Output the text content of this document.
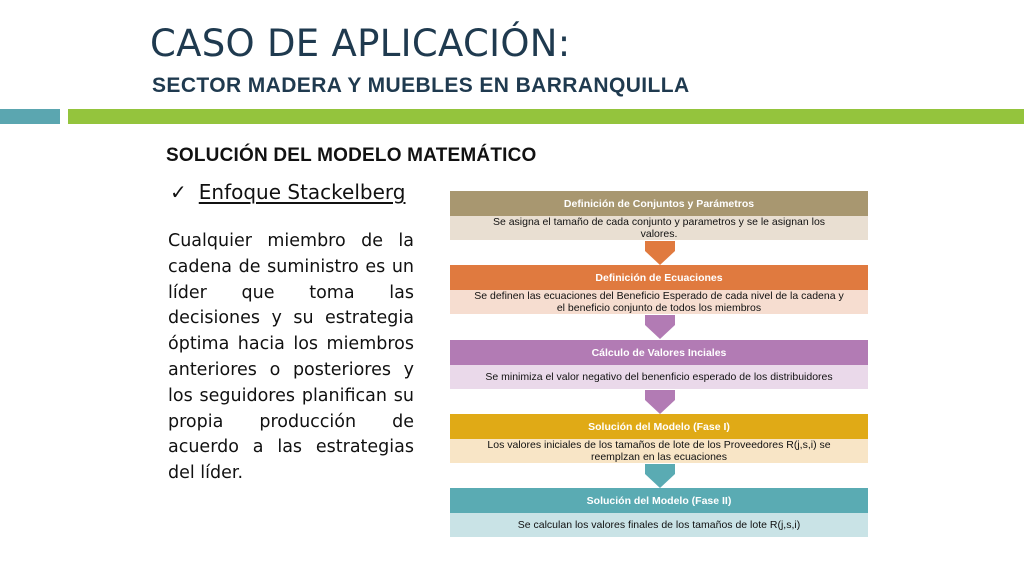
CASO DE APLICACIÓN:
SECTOR MADERA Y MUEBLES EN BARRANQUILLA
SOLUCIÓN DEL MODELO MATEMÁTICO
✓ Enfoque Stackelberg
Cualquier miembro de la cadena de suministro es un líder que toma las decisiones y su estrategia óptima hacia los miembros anteriores o posteriores y los seguidores planifican su propia producción de acuerdo a las estrategias del líder.
Definición de Conjuntos y Parámetros
Se asigna el tamaño de cada conjunto y parametros y se le asignan los valores.
Definición de Ecuaciones
Se definen las ecuaciones del Beneficio Esperado de cada nivel de la cadena y el beneficio conjunto de todos los miembros
Cálculo de Valores Inciales
Se minimiza el valor negativo del benenficio esperado de los distribuidores
Solución del Modelo (Fase I)
Los valores iniciales de los tamaños de lote de los Proveedores R(j,s,i) se reemplzan en las ecuaciones
Solución del Modelo (Fase II)
Se calculan los valores finales de los tamaños de lote R(j,s,i)
